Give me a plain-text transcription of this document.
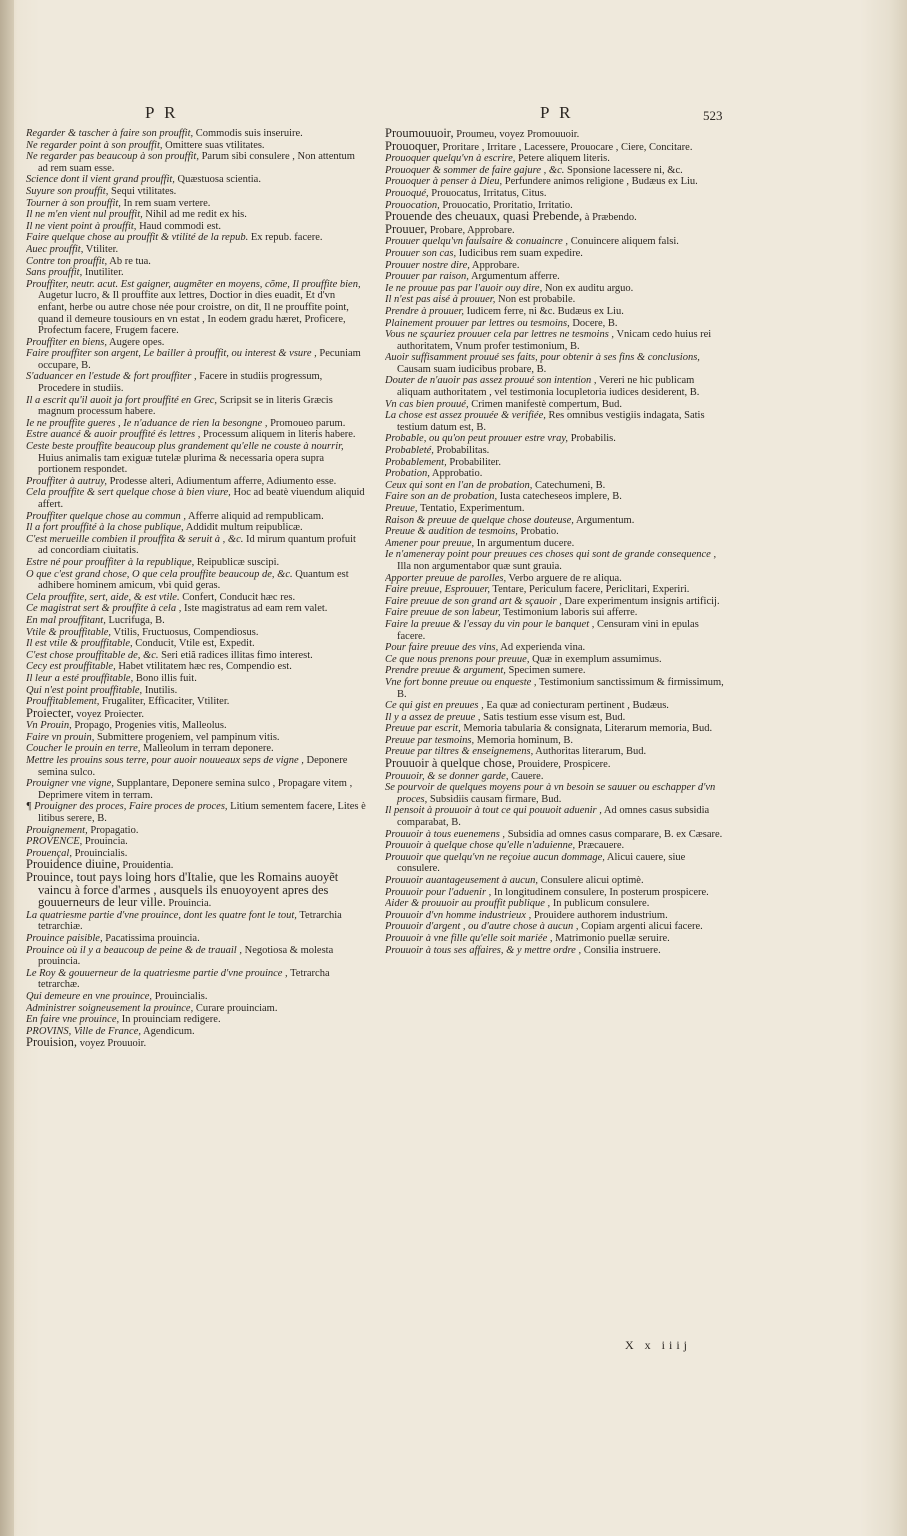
P R	P R	523

Regarder & tascher à faire son prouffit, Commodis suis inseruire.

Ne regarder point à son prouffit, Omittere suas vtilitates.

Ne regarder pas beaucoup à son prouffit, Parum sibi consulere , Non attentum ad rem suam esse.

Science dont il vient grand prouffit, Quæstuosa scientia.

Suyure son prouffit, Sequi vtilitates.

Tourner à son prouffit, In rem suam vertere.

Il ne m'en vient nul prouffit, Nihil ad me redit ex his.

Il ne vient point à prouffit, Haud commodi est.

Faire quelque chose au prouffit & vtilité de la repub. Ex repub. facere.

Auec prouffit, Vtiliter.

Contre ton prouffit, Ab re tua.

Sans prouffit, Inutiliter.

Prouffiter, neutr. acut. Est gaigner, augmẽter en moyens, cõme, Il prouffite bien, Augetur lucro, & Il prouffite aux lettres, Doctior in dies euadit, Et d'vn enfant, herbe ou autre chose née pour croistre, on dit, Il ne prouffite point, quand il demeure tousiours en vn estat , In eodem gradu hæret, Proficere, Profectum facere, Frugem facere.

Prouffiter en biens, Augere opes.

Faire prouffiter son argent, Le bailler à prouffit, ou interest & vsure , Pecuniam occupare, B.

S'aduancer en l'estude & fort prouffiter , Facere in studiis progressum, Procedere in studiis.

Il a escrit qu'il auoit ja fort prouffité en Grec, Scripsit se in literis Græcis magnum processum habere.

Ie ne prouffite gueres , Ie n'aduance de rien la besongne , Promoueo parum.

Estre auancé & auoir prouffité és lettres , Processum aliquem in literis habere.

Ceste beste prouffite beaucoup plus grandement qu'elle ne couste à nourrir, Huius animalis tam exiguæ tutelæ plurima & necessaria opera supra portionem respondet.

Prouffiter à autruy, Prodesse alteri, Adiumentum afferre, Adiumento esse.

Cela prouffite & sert quelque chose à bien viure, Hoc ad beatè viuendum aliquid affert.

Prouffiter quelque chose au commun , Afferre aliquid ad rempublicam.

Il a fort prouffité à la chose publique, Addidit multum reipublicæ.

C'est merueille combien il prouffita & seruit à , &c. Id mirum quantum profuit ad concordiam ciuitatis.

Estre né pour prouffiter à la republique, Reipublicæ suscipi.

O que c'est grand chose, O que cela prouffite beaucoup de, &c. Quantum est adhibere hominem amicum, vbi quid geras.

Cela prouffite, sert, aide, & est vtile. Confert, Conducit hæc res.

Ce magistrat sert & prouffite à cela , Iste magistratus ad eam rem valet.

En mal prouffitant, Lucrifuga, B.

Vtile & prouffitable, Vtilis, Fructuosus, Compendiosus.

Il est vtile & prouffitable, Conducit, Vtile est, Expedit.

C'est chose prouffitable de, &c. Seri etiã radices illitas fimo interest.

Cecy est prouffitable, Habet vtilitatem hæc res, Compendio est.

Il leur a esté prouffitable, Bono illis fuit.

Qui n'est point prouffitable, Inutilis.

Prouffitablement, Frugaliter, Efficaciter, Vtiliter.

Proiecter, voyez Proiecter.

Vn Prouin, Propago, Progenies vitis, Malleolus.

Faire vn prouin, Submittere progeniem, vel pampinum vitis.

Coucher le prouin en terre, Malleolum in terram deponere.

Mettre les prouins sous terre, pour auoir nouueaux seps de vigne , Deponere semina sulco.

Prouigner vne vigne, Supplantare, Deponere semina sulco , Propagare vitem , Deprimere vitem in terram.

¶ Prouigner des proces, Faire proces de proces, Litium sementem facere, Lites è litibus serere, B.

Prouignement, Propagatio.

PROVENCE, Prouincia.

Prouençal, Prouincialis.

Prouidence diuine, Prouidentia.

Prouince, tout pays loing hors d'Italie, que les Romains auoyẽt vaincu à force d'armes , ausquels ils enuoyoyent apres des gouuerneurs de leur ville. Prouincia.

La quatriesme partie d'vne prouince, dont les quatre font le tout, Tetrarchia tetrarchiæ.

Prouince paisible, Pacatissima prouincia.

Prouince où il y a beaucoup de peine & de trauail , Negotiosa & molesta prouincia.

Le Roy & gouuerneur de la quatriesme partie d'vne prouince , Tetrarcha tetrarchæ.

Qui demeure en vne prouince, Prouincialis.

Administrer soigneusement la prouince, Curare prouinciam.

En faire vne prouince, In prouinciam redigere.

PROVINS, Ville de France, Agendicum.

Prouision, voyez Prouuoir.

Proumouuoir, Proumeu, voyez Promouuoir.

Prouoquer, Proritare , Irritare , Lacessere, Prouocare , Ciere, Concitare.

Prouoquer quelqu'vn à escrire, Petere aliquem literis.

Prouoquer & sommer de faire gajure , &c. Sponsione lacessere ni, &c.

Prouoquer à penser à Dieu, Perfundere animos religione , Budæus ex Liu.

Prouoqué, Prouocatus, Irritatus, Citus.

Prouocation, Prouocatio, Proritatio, Irritatio.

Prouende des cheuaux, quasi Prebende, à Præbendo.

Prouuer, Probare, Approbare.

Prouuer quelqu'vn faulsaire & conuaincre , Conuincere aliquem falsi.

Prouuer son cas, Iudicibus rem suam expedire.

Prouuer nostre dire, Approbare.

Prouuer par raison, Argumentum afferre.

Ie ne prouue pas par l'auoir ouy dire, Non ex auditu arguo.

Il n'est pas aisé à prouuer, Non est probabile.

Prendre à prouuer, Iudicem ferre, ni &c. Budæus ex Liu.

Plainement prouuer par lettres ou tesmoins, Docere, B.

Vous ne sçauriez prouuer cela par lettres ne tesmoins , Vnicam cedo huius rei authoritatem, Vnum profer testimonium, B.

Auoir suffisamment prouué ses faits, pour obtenir à ses fins & conclusions, Causam suam iudicibus probare, B.

Douter de n'auoir pas assez prouué son intention , Vereri ne hic publicam aliquam authoritatem , vel testimonia locupletoria iudices desiderent, B.

Vn cas bien prouué, Crimen manifestè compertum, Bud.

La chose est assez prouuée & verifiée, Res omnibus vestigiis indagata, Satis testium datum est, B.

Probable, ou qu'on peut prouuer estre vray, Probabilis.

Probableté, Probabilitas.

Probablement, Probabiliter.

Probation, Approbatio.

Ceux qui sont en l'an de probation, Catechumeni, B.

Faire son an de probation, Iusta catecheseos implere, B.

Preuue, Tentatio, Experimentum.

Raison & preuue de quelque chose douteuse, Argumentum.

Preuue & audition de tesmoins, Probatio.

Amener pour preuue, In argumentum ducere.

Ie n'ameneray point pour preuues ces choses qui sont de grande consequence , Illa non argumentabor quæ sunt grauia.

Apporter preuue de parolles, Verbo arguere de re aliqua.

Faire preuue, Esprouuer, Tentare, Periculum facere, Periclitari, Experiri.

Faire preuue de son grand art & sçauoir , Dare experimentum insignis artificij.

Faire preuue de son labeur, Testimonium laboris sui afferre.

Faire la preuue & l'essay du vin pour le banquet , Censuram vini in epulas facere.

Pour faire preuue des vins, Ad experienda vina.

Ce que nous prenons pour preuue, Quæ in exemplum assumimus.

Prendre preuue & argument, Specimen sumere.

Vne fort bonne preuue ou enqueste , Testimonium sanctissimum & firmissimum, B.

Ce qui gist en preuues , Ea quæ ad coniecturam pertinent , Budæus.

Il y a assez de preuue , Satis testium esse visum est, Bud.

Preuue par escrit, Memoria tabularia & consignata, Literarum memoria, Bud.

Preuue par tesmoins, Memoria hominum, B.

Preuue par tiltres & enseignemens, Authoritas literarum, Bud.

Prouuoir à quelque chose, Prouidere, Prospicere.

Prouuoir, & se donner garde, Cauere.

Se pourvoir de quelques moyens pour à vn besoin se sauuer ou eschapper d'vn proces, Subsidiis causam firmare, Bud.

Il pensoit à prouuoir à tout ce qui pouuoit aduenir , Ad omnes casus subsidia comparabat, B.

Prouuoir à tous euenemens , Subsidia ad omnes casus comparare, B. ex Cæsare.

Prouuoir à quelque chose qu'elle n'aduienne, Præcauere.

Prouuoir que quelqu'vn ne reçoiue aucun dommage, Alicui cauere, siue consulere.

Prouuoir auantageusement à aucun, Consulere alicui optimè.

Prouuoir pour l'aduenir , In longitudinem consulere, In posterum prospicere.

Aider & prouuoir au prouffit publique , In publicum consulere.

Prouuoir d'vn homme industrieux , Prouidere authorem industrium.

Prouuoir d'argent , ou d'autre chose à aucun , Copiam argenti alicui facere.

Prouuoir à vne fille qu'elle soit mariée , Matrimonio puellæ seruire.

Prouuoir à tous ses affaires, & y mettre ordre , Consilia instruere.

X x iiij
